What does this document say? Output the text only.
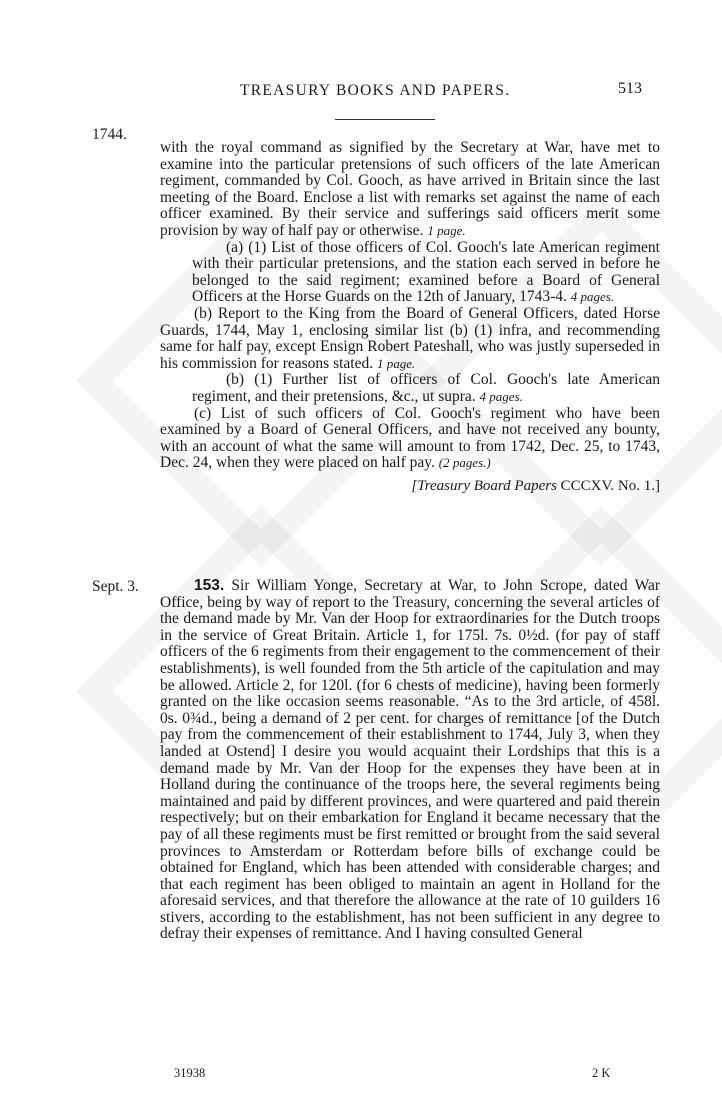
TREASURY BOOKS AND PAPERS.	513
1744.

with the royal command as signified by the Secretary at War, have met to examine into the particular pretensions of such officers of the late American regiment, commanded by Col. Gooch, as have arrived in Britain since the last meeting of the Board. Enclose a list with remarks set against the name of each officer examined. By their service and sufferings said officers merit some provision by way of half pay or otherwise. 1 page.

(a) (1) List of those officers of Col. Gooch's late American regiment with their particular pretensions, and the station each served in before he belonged to the said regiment; examined before a Board of General Officers at the Horse Guards on the 12th of January, 1743-4. 4 pages.

(b) Report to the King from the Board of General Officers, dated Horse Guards, 1744, May 1, enclosing similar list (b) (1) infra, and recommending same for half pay, except Ensign Robert Pateshall, who was justly superseded in his commission for reasons stated. 1 page.

(b) (1) Further list of officers of Col. Gooch's late American regiment, and their pretensions, &c., ut supra. 4 pages.

(c) List of such officers of Col. Gooch's regiment who have been examined by a Board of General Officers, and have not received any bounty, with an account of what the same will amount to from 1742, Dec. 25, to 1743, Dec. 24, when they were placed on half pay. (2 pages.)

[Treasury Board Papers CCCXV. No. 1.]

Sept. 3.	153. Sir William Yonge, Secretary at War, to John Scrope, dated War Office, being by way of report to the Treasury, concerning the several articles of the demand made by Mr. Van der Hoop for extraordinaries for the Dutch troops in the service of Great Britain. Article 1, for 175l. 7s. 0½d. (for pay of staff officers of the 6 regiments from their engagement to the commencement of their establishments), is well founded from the 5th article of the capitulation and may be allowed. Article 2, for 120l. (for 6 chests of medicine), having been formerly granted on the like occasion seems reasonable. “As to the 3rd article, of 458l. 0s. 0¾d., being a demand of 2 per cent. for charges of remittance [of the Dutch pay from the commencement of their establishment to 1744, July 3, when they landed at Ostend] I desire you would acquaint their Lordships that this is a demand made by Mr. Van der Hoop for the expenses they have been at in Holland during the continuance of the troops here, the several regiments being maintained and paid by different provinces, and were quartered and paid therein respectively; but on their embarkation for England it became necessary that the pay of all these regiments must be first remitted or brought from the said several provinces to Amsterdam or Rotterdam before bills of exchange could be obtained for England, which has been attended with considerable charges; and that each regiment has been obliged to maintain an agent in Holland for the aforesaid services, and that therefore the allowance at the rate of 10 guilders 16 stivers, according to the establishment, has not been sufficient in any degree to defray their expenses of remittance. And I having consulted General

31938	2 K
